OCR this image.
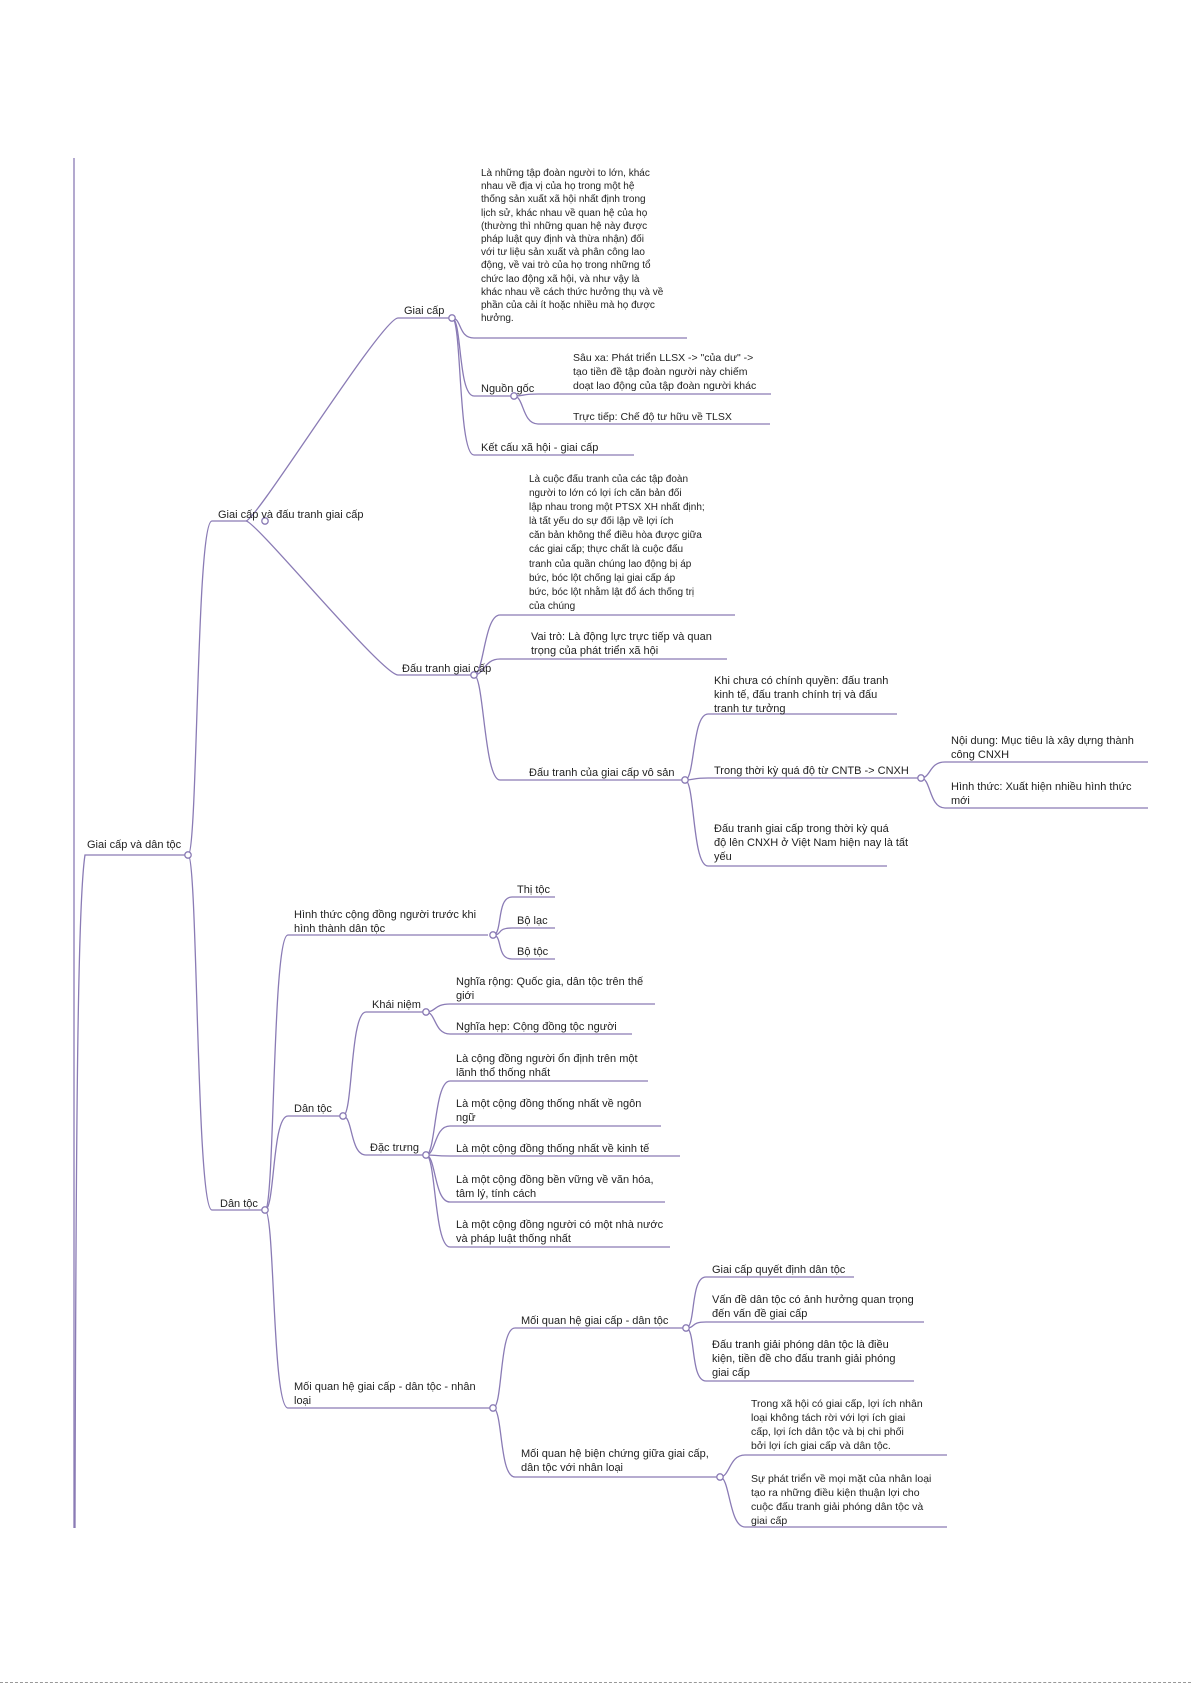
Giai cấp và dân tộc
Giai cấp và đấu tranh giai cấp
Giai cấp
Là những tập đoàn người to lớn, khác
nhau về địa vị của họ trong một hệ
thống sản xuất xã hội nhất định trong
lịch sử, khác nhau về quan hệ của họ
(thường thì những quan hệ này được
pháp luật quy định và thừa nhận) đối
với tư liệu sản xuất và phân công lao
động, về vai trò của họ trong những tổ
chức lao động xã hội, và như vậy là
khác nhau về cách thức hưởng thụ và về
phần của cải ít hoặc nhiều mà họ được
hưởng.
Nguồn gốc
Sâu xa: Phát triển LLSX -> "của dư" ->
tạo tiền đề tập đoàn người này chiếm
doạt lao động của tập đoàn người khác
Trực tiếp: Chế độ tư hữu về TLSX
Kết cấu xã hội - giai cấp
Đấu tranh giai cấp
Là cuộc đấu tranh của các tập đoàn
người to lớn có lợi ích căn bản đối
lập nhau trong một PTSX XH nhất định;
là tất yếu do sự đối lập về lợi ích
căn bản không thể điều hòa được giữa
các giai cấp; thực chất là cuộc đấu
tranh của quần chúng lao động bị áp
bức, bóc lột chống lại giai cấp áp
bức, bóc lột nhằm lật đổ ách thống trị
của chúng
Vai trò: Là động lực trực tiếp và quan
trọng của phát triển xã hội
Đấu tranh của giai cấp vô sản
Khi chưa có chính quyền: đấu tranh
kinh tế, đấu tranh chính trị và đấu
tranh tư tưởng
Trong thời kỳ quá độ từ CNTB -> CNXH
Nội dung: Mục tiêu là xây dựng thành
công CNXH
Hình thức: Xuất hiện nhiều hình thức
mới
Đấu tranh giai cấp trong thời kỳ quá
độ lên CNXH ở Việt Nam hiện nay là tất
yếu
Dân tộc
Hình thức cộng đồng người trước khi
hình thành dân tộc
Thị tộc
Bộ lạc
Bộ tộc
Dân tộc
Khái niệm
Nghĩa rộng: Quốc gia, dân tộc trên thế
giới
Nghĩa hẹp: Cộng đồng tộc người
Đặc trưng
Là cộng đồng người ổn định trên một
lãnh thổ thống nhất
Là một cộng đồng thống nhất về ngôn
ngữ
Là một cộng đồng thống nhất về kinh tế
Là một cộng đồng bền vững về văn hóa,
tâm lý, tính cách
Là một cộng đồng người có một nhà nước
và pháp luật thống nhất
Mối quan hệ giai cấp - dân tộc - nhân
loại
Mối quan hệ giai cấp - dân tộc
Giai cấp quyết định dân tộc
Vấn đề dân tộc có ảnh hưởng quan trọng
đến vấn đề giai cấp
Đấu tranh giải phóng dân tộc là điều
kiện, tiền đề cho đấu tranh giải phóng
giai cấp
Mối quan hệ biện chứng giữa giai cấp,
dân tộc với nhân loại
Trong xã hội có giai cấp, lợi ích nhân
loại không tách rời với lợi ích giai
cấp, lợi ích dân tộc và bị chi phối
bởi lợi ích giai cấp và dân tộc.
Sự phát triển về mọi mặt của nhân loại
tạo ra những điều kiện thuận lợi cho
cuộc đấu tranh giải phóng dân tộc và
giai cấp
